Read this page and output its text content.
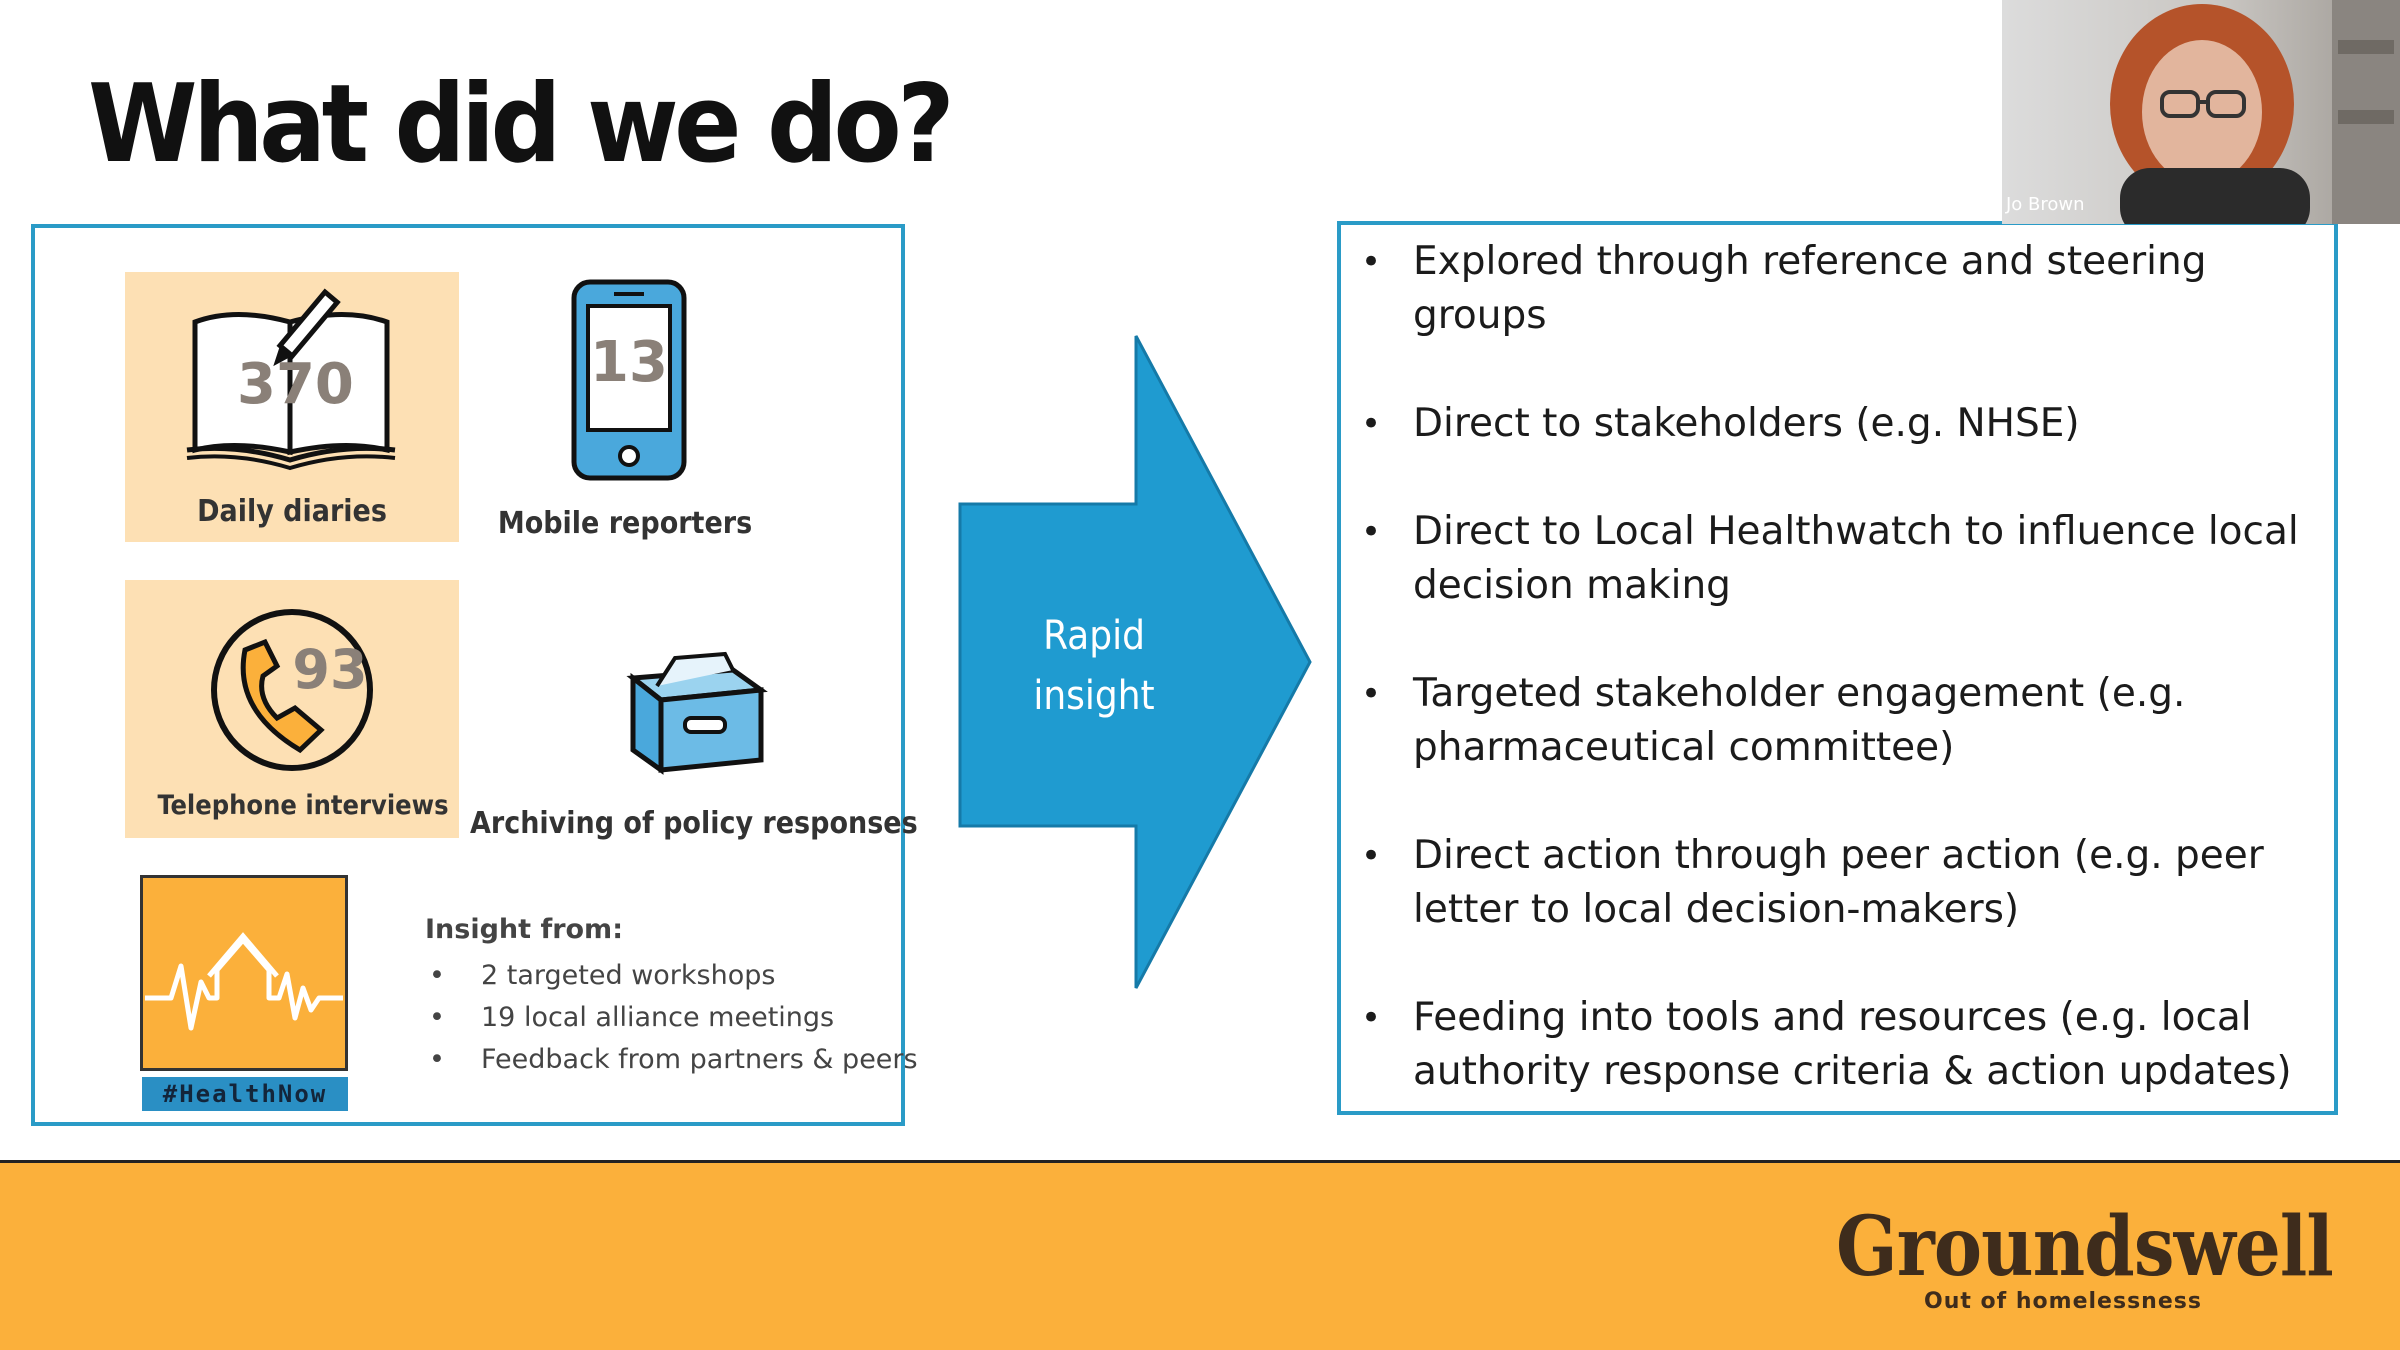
What did we do?
370
Daily diaries
13
Mobile reporters
93
Telephone interviews
Archiving of policy responses
#HealthNow
Insight from:
• 2 targeted workshops
• 19 local alliance meetings
• Feedback from partners & peers
Rapid
insight
• Explored through reference and steering groups
• Direct to stakeholders (e.g. NHSE)
• Direct to Local Healthwatch to influence local decision making
• Targeted stakeholder engagement (e.g. pharmaceutical committee)
• Direct action through peer action (e.g. peer letter to local decision-makers)
• Feeding into tools and resources (e.g. local authority response criteria & action updates)
Groundswell
Out of homelessness
Jo Brown
